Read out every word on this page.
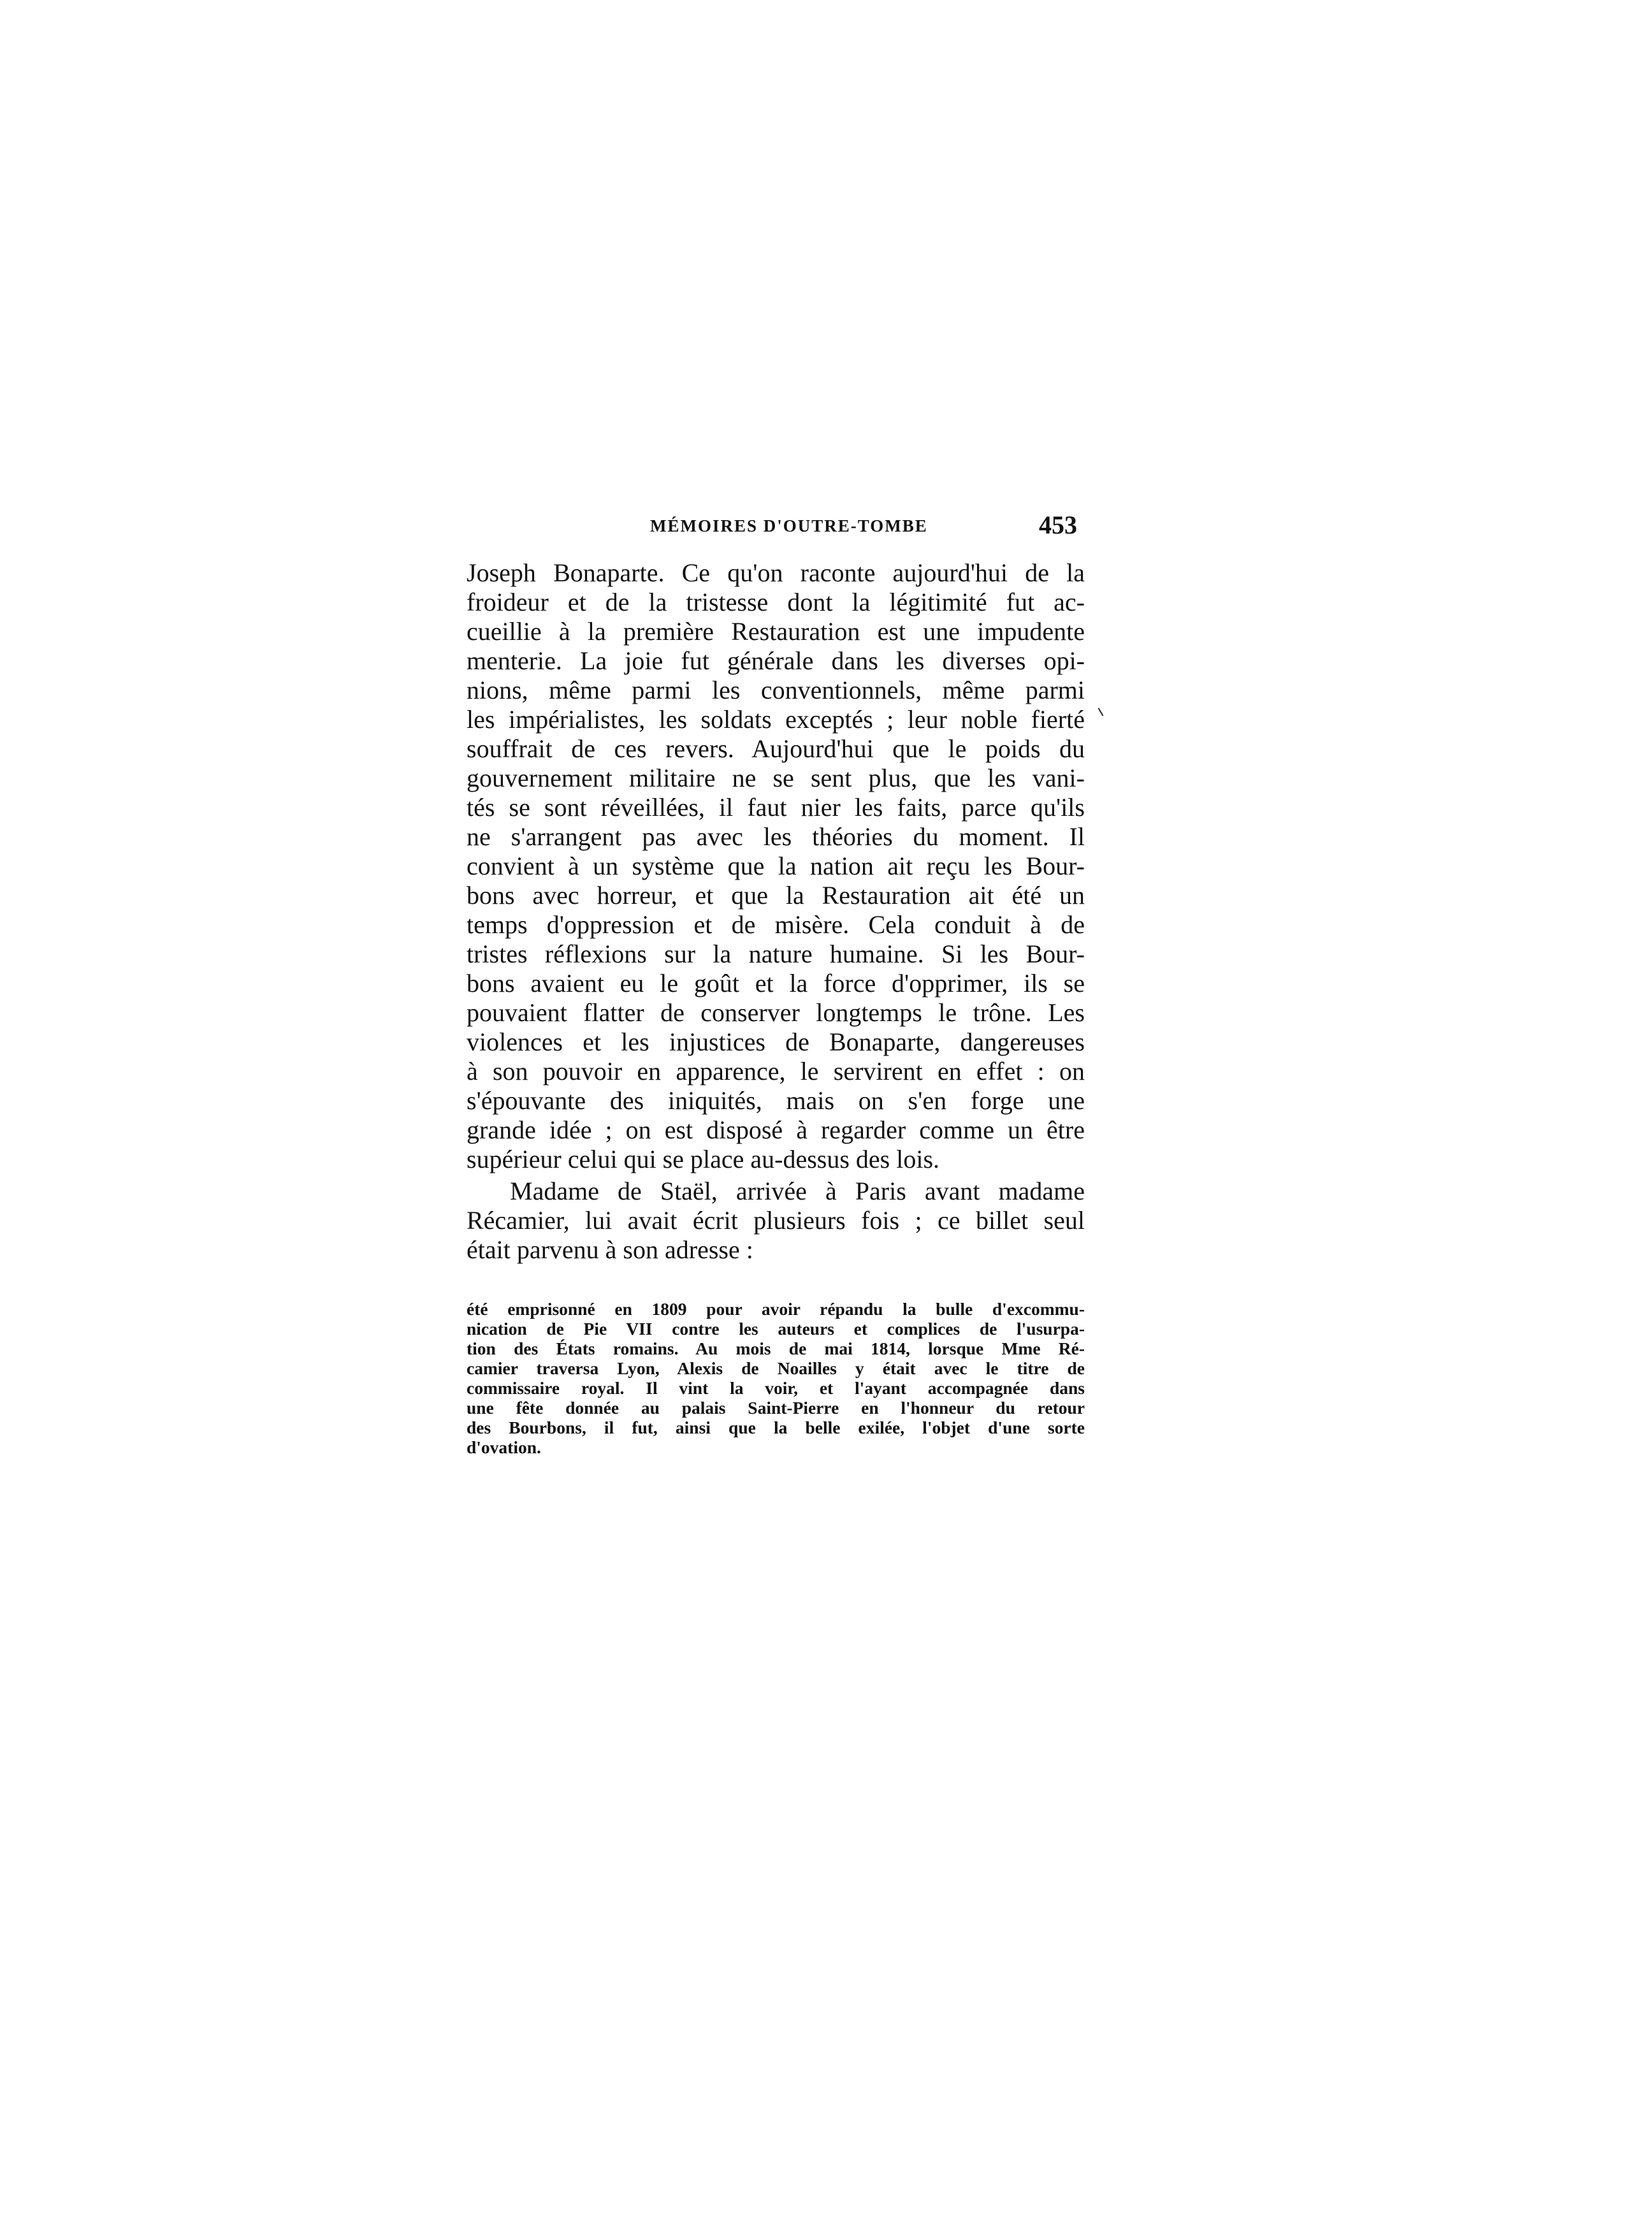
MÉMOIRES D'OUTRE-TOMBE	453
Joseph Bonaparte. Ce qu'on raconte aujourd'hui de la
froideur et de la tristesse dont la légitimité fut ac-
cueillie à la première Restauration est une impudente
menterie. La joie fut générale dans les diverses opi-
nions, même parmi les conventionnels, même parmi
les impérialistes, les soldats exceptés ; leur noble fierté
souffrait de ces revers. Aujourd'hui que le poids du
gouvernement militaire ne se sent plus, que les vani-
tés se sont réveillées, il faut nier les faits, parce qu'ils
ne s'arrangent pas avec les théories du moment. Il
convient à un système que la nation ait reçu les Bour-
bons avec horreur, et que la Restauration ait été un
temps d'oppression et de misère. Cela conduit à de
tristes réflexions sur la nature humaine. Si les Bour-
bons avaient eu le goût et la force d'opprimer, ils se
pouvaient flatter de conserver longtemps le trône. Les
violences et les injustices de Bonaparte, dangereuses
à son pouvoir en apparence, le servirent en effet : on
s'épouvante des iniquités, mais on s'en forge une
grande idée ; on est disposé à regarder comme un être
supérieur celui qui se place au-dessus des lois.
Madame de Staël, arrivée à Paris avant madame
Récamier, lui avait écrit plusieurs fois ; ce billet seul
était parvenu à son adresse :
été emprisonné en 1809 pour avoir répandu la bulle d'excommu-
nication de Pie VII contre les auteurs et complices de l'usurpa-
tion des États romains. Au mois de mai 1814, lorsque Mme Ré-
camier traversa Lyon, Alexis de Noailles y était avec le titre de
commissaire royal. Il vint la voir, et l'ayant accompagnée dans
une fête donnée au palais Saint-Pierre en l'honneur du retour
des Bourbons, il fut, ainsi que la belle exilée, l'objet d'une sorte
d'ovation.
